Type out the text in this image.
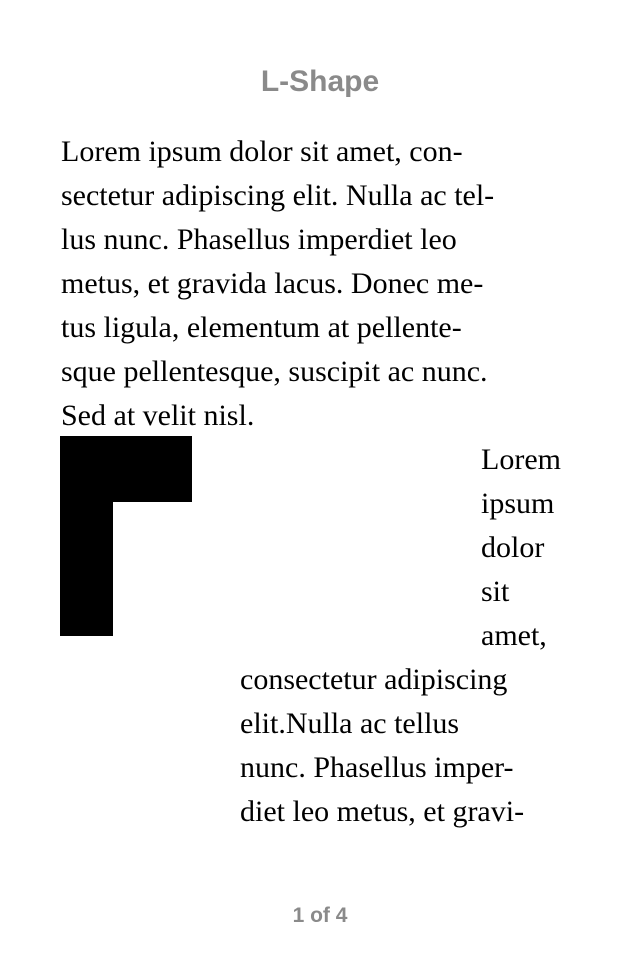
L-Shape
Lorem ipsum dolor sit amet, con-
sectetur adipiscing elit. Nulla ac tel-
lus nunc. Phasellus imperdiet leo
metus, et gravida lacus. Donec me-
tus ligula, elementum at pellente-
sque pellentesque, suscipit ac nunc.
Sed at velit nisl.
Lorem
ipsum
dolor
sit
amet,
consectetur adipiscing
elit.Nulla ac tellus
nunc. Phasellus imper-
diet leo metus, et gravi-
1 of 4
